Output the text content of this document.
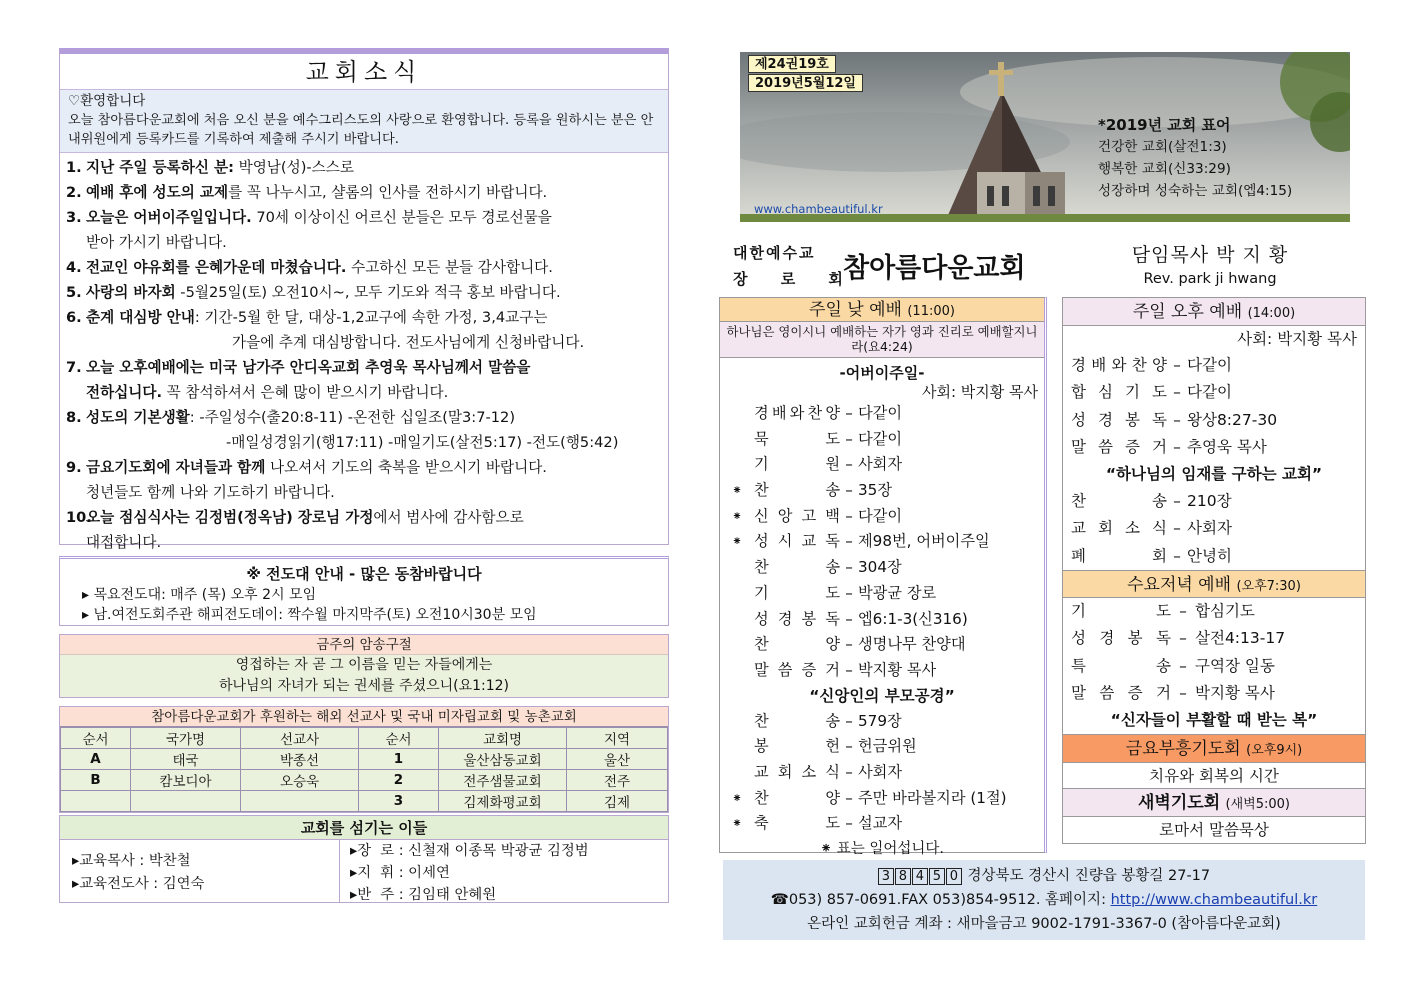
교회소식
♡환영합니다
오늘 참아름다운교회에 처음 오신 분을 예수그리스도의 사랑으로 환영합니다. 등록을 원하시는 분은 안내위원에게 등록카드를 기록하여 제출해 주시기 바랍니다.
1. 지난 주일 등록하신 분: 박영남(성)-스스로
2. 예배 후에 성도의 교제를 꼭 나누시고, 샬롬의 인사를 전하시기 바랍니다.
3. 오늘은 어버이주일입니다. 70세 이상이신 어르신 분들은 모두 경로선물을
받아 가시기 바랍니다.
4. 전교인 야유회를 은혜가운데 마쳤습니다. 수고하신 모든 분들 감사합니다.
5. 사랑의 바자회 -5월25일(토) 오전10시~, 모두 기도와 적극 홍보 바랍니다.
6. 춘계 대심방 안내: 기간-5월 한 달, 대상-1,2교구에 속한 가정, 3,4교구는
가을에 추계 대심방합니다. 전도사님에게 신청바랍니다.
7. 오늘 오후예배에는 미국 남가주 안디옥교회 추영욱 목사님께서 말씀을
전하십니다. 꼭 참석하셔서 은혜 많이 받으시기 바랍니다.
8. 성도의 기본생활: -주일성수(출20:8-11) -온전한 십일조(말3:7-12)
-매일성경읽기(행17:11) -매일기도(살전5:17) -전도(행5:42)
9. 금요기도회에 자녀들과 함께 나오셔서 기도의 축복을 받으시기 바랍니다.
청년들도 함께 나와 기도하기 바랍니다.
10.
오늘 점심식사는 김정범(정옥남) 장로님 가정에서 범사에 감사함으로
대접합니다.
※ 전도대 안내 - 많은 동참바랍니다
▸ 목요전도대: 매주 (목) 오후 2시 모임
▸ 남.여전도회주관 해피전도데이: 짝수월 마지막주(토) 오전10시30분 모임
금주의 암송구절
영접하는 자 곧 그 이름을 믿는 자들에게는
하나님의 자녀가 되는 권세를 주셨으니(요1:12)
참아름다운교회가 후원하는 해외 선교사 및 국내 미자립교회 및 농촌교회
순서	국가명	선교사	순서	교회명	지역
A	태국	박종선	1	울산삼동교회	울산
B	캄보디아	오승욱	2	전주샘물교회	전주
			3	김제화평교회	김제
교회를 섬기는 이들
▸교육목사 : 박찬철
▸교육전도사 : 김연숙
▸장  로 : 신철재 이종목 박광균 김정범
▸지  휘 : 이세연
▸반  주 : 김임태 안혜원
제24권19호
2019년5월12일
*2019년 교회 표어
건강한 교회(살전1:3)
행복한 교회(신33:29)
성장하며 성숙하는 교회(엡4:15)
www.chambeautiful.kr
대한예수교
장 로 회
참아름다운교회	담임목사 박 지 황
Rev. park ji hwang
주일 낮 예배 (11:00)
하나님은 영이시니 예배하는 자가 영과 진리로 예배할지니라(요4:24)
-어버이주일-
사회: 박지황 목사
경 배 와 찬 양 – 다같이
묵	도 – 다같이
기	원 – 사회자
⁕ 찬	송 – 35장
⁕ 신 앙 고 백 – 다같이
⁕ 성 시 교 독 – 제98번, 어버이주일
찬	송 – 304장
기	도 – 박광균 장로
성 경 봉 독 – 엡6:1-3(신316)
찬	양 – 생명나무 찬양대
말 씀 증 거 – 박지황 목사
“신앙인의 부모공경”
찬	송 – 579장
봉	헌 – 헌금위원
교 회 소 식 – 사회자
⁕ 찬	양 – 주만 바라볼지라 (1절)
⁕ 축	도 – 설교자
⁕ 표는 일어섭니다.
주일 오후 예배 (14:00)
사회: 박지황 목사
경 배 와 찬 양 – 다같이
합 심 기 도 – 다같이
성 경 봉 독 – 왕상8:27-30
말 씀 증 거 – 추영욱 목사
“하나님의 임재를 구하는 교회”
찬	송 – 210장
교 회 소 식 – 사회자
폐	회 – 안녕히
수요저녁 예배 (오후7:30)
기	도 – 합심기도
성 경 봉 독 – 살전4:13-17
특	송 – 구역장 일동
말 씀 증 거 – 박지황 목사
“신자들이 부활할 때 받는 복”
금요부흥기도회 (오후9시)
치유와 회복의 시간
새벽기도회 (새벽5:00)
로마서 말씀묵상
3 8 4 5 0 경상북도 경산시 진량읍 봉황길 27-17
☎053) 857-0691.FAX 053)854-9512. 홈페이지: http://www.chambeautiful.kr
온라인 교회헌금 계좌 : 새마을금고 9002-1791-3367-0 (참아름다운교회)
